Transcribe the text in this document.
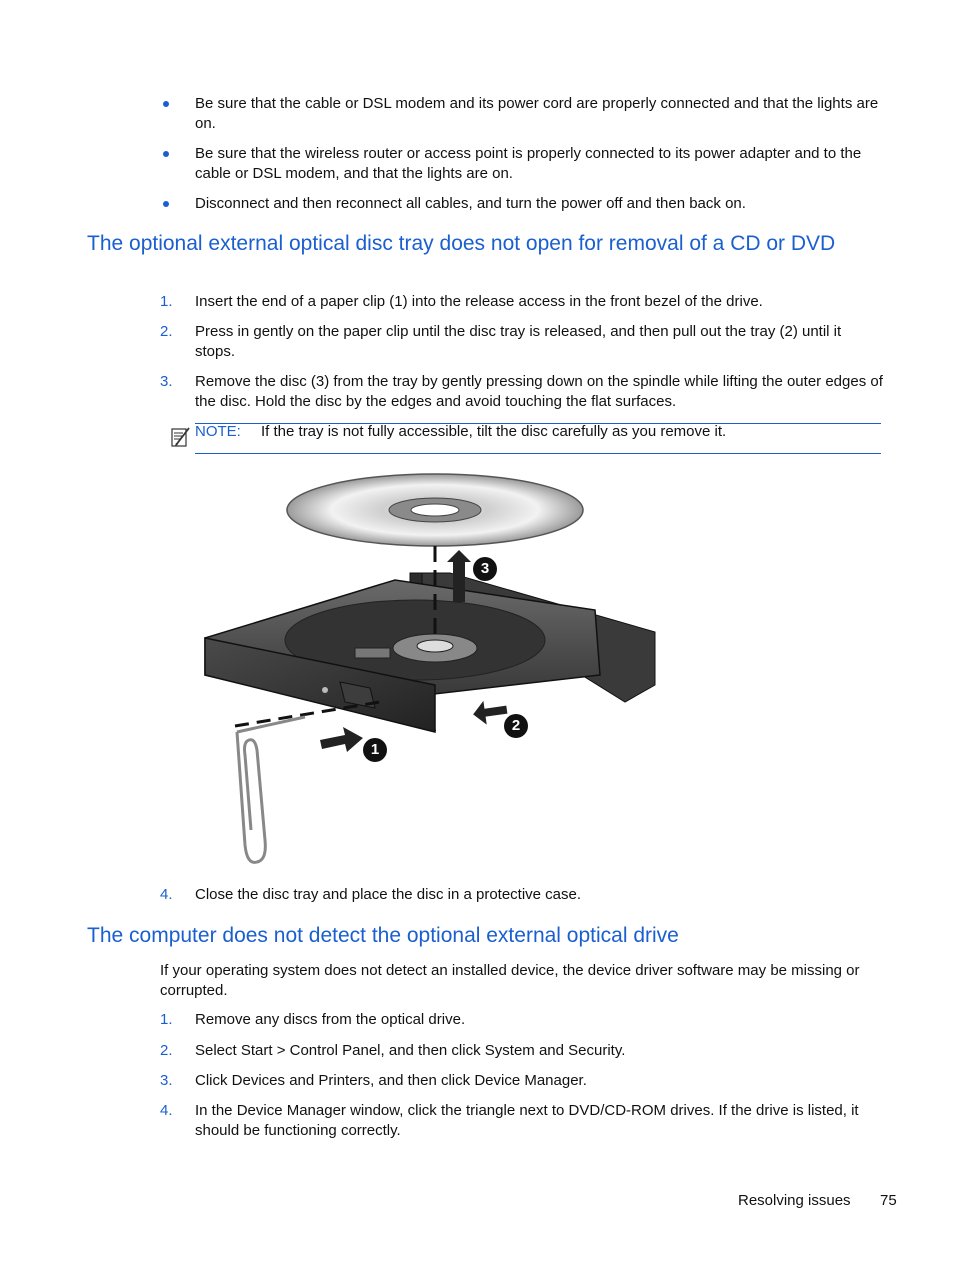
Be sure that the cable or DSL modem and its power cord are properly connected and that the lights are on.
Be sure that the wireless router or access point is properly connected to its power adapter and to the cable or DSL modem, and that the lights are on.
Disconnect and then reconnect all cables, and turn the power off and then back on.
The optional external optical disc tray does not open for removal of a CD or DVD
1. Insert the end of a paper clip (1) into the release access in the front bezel of the drive.
2. Press in gently on the paper clip until the disc tray is released, and then pull out the tray (2) until it stops.
3. Remove the disc (3) from the tray by gently pressing down on the spindle while lifting the outer edges of the disc. Hold the disc by the edges and avoid touching the flat surfaces.
NOTE: If the tray is not fully accessible, tilt the disc carefully as you remove it.
3
2
1
4. Close the disc tray and place the disc in a protective case.
The computer does not detect the optional external optical drive
If your operating system does not detect an installed device, the device driver software may be missing or corrupted.
1. Remove any discs from the optical drive.
2. Select Start > Control Panel, and then click System and Security.
3. Click Devices and Printers, and then click Device Manager.
4. In the Device Manager window, click the triangle next to DVD/CD-ROM drives. If the drive is listed, it should be functioning correctly.
Resolving issues 75
